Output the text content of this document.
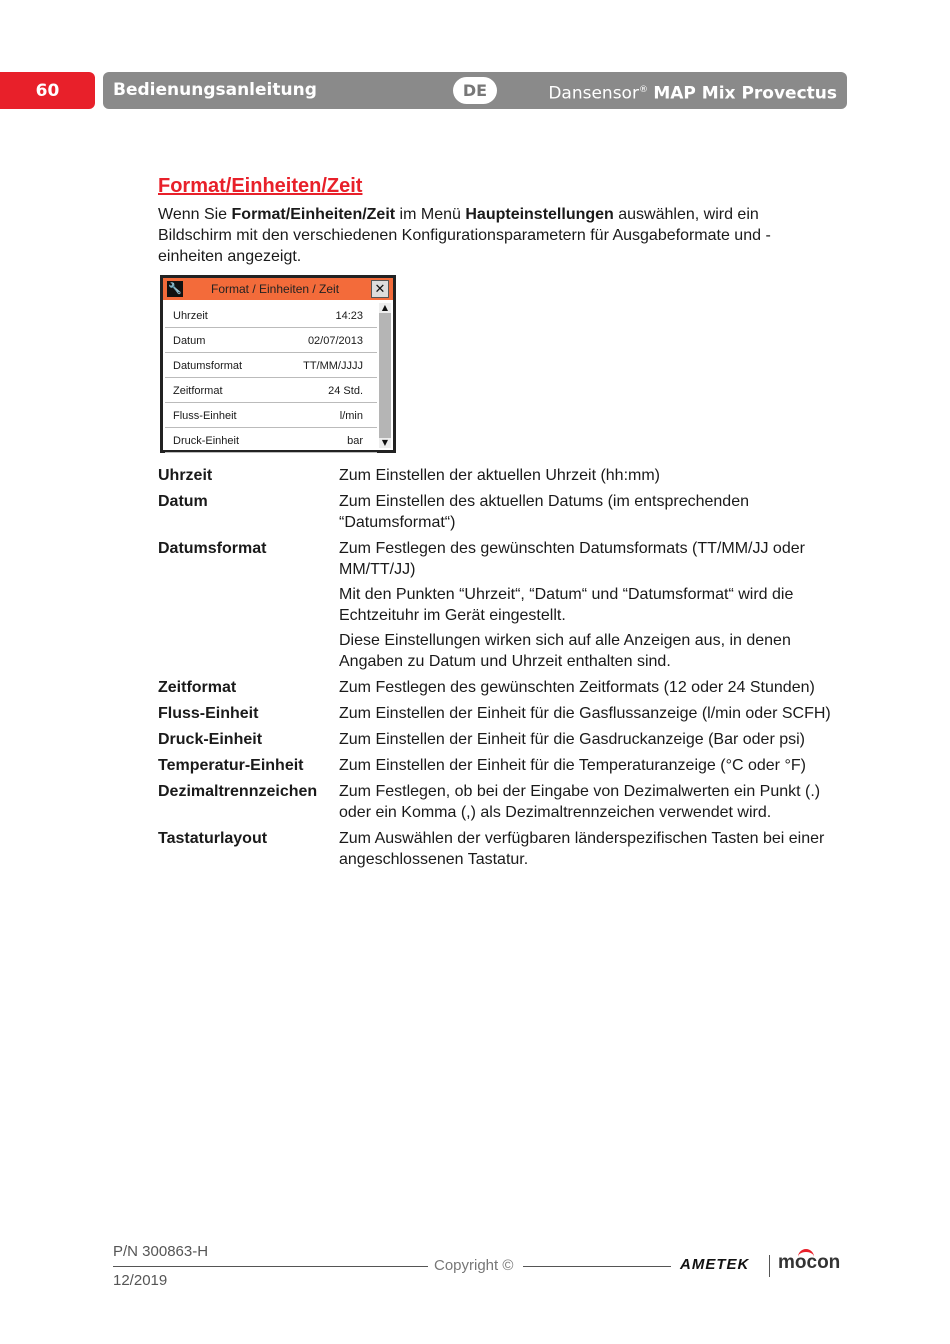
60	Bedienungsanleitung	DE	Dansensor® MAP Mix Provectus
Format/Einheiten/Zeit
Wenn Sie Format/Einheiten/Zeit im Menü Haupteinstellungen auswählen, wird ein Bildschirm mit den verschiedenen Konfigurationsparametern für Ausgabeformate und -einheiten angezeigt.
🔧 Format / Einheiten / Zeit	✕
Uhrzeit	14:23
Datum	02/07/2013
Datumsformat	TT/MM/JJJJ
Zeitformat	24 Std.
Fluss-Einheit	l/min
Druck-Einheit	bar
▲
▼
Uhrzeit	Zum Einstellen der aktuellen Uhrzeit (hh:mm)

Datum	Zum Einstellen des aktuellen Datums (im entsprechenden “Datumsformat“)

Datumsformat	Zum Festlegen des gewünschten Datumsformats (TT/MM/JJ oder MM/TT/JJ)

Mit den Punkten “Uhrzeit“, “Datum“ und “Datumsformat“ wird die Echtzeituhr im Gerät eingestellt.

Diese Einstellungen wirken sich auf alle Anzeigen aus, in denen Angaben zu Datum und Uhrzeit enthalten sind.

Zeitformat	Zum Festlegen des gewünschten Zeitformats (12 oder 24 Stunden)

Fluss-Einheit	Zum Einstellen der Einheit für die Gasflussanzeige (l/min oder SCFH)

Druck-Einheit	Zum Einstellen der Einheit für die Gasdruckanzeige (Bar oder psi)

Temperatur-Einheit	Zum Einstellen der Einheit für die Temperaturanzeige (°C oder °F)

Dezimaltrennzeichen	Zum Festlegen, ob bei der Eingabe von Dezimalwerten ein Punkt (.) oder ein Komma (,) als Dezimaltrennzeichen verwendet wird.

Tastaturlayout	Zum Auswählen der verfügbaren länderspezifischen Tasten bei einer angeschlossenen Tastatur.

P/N 300863-H
Copyright ©
12/2019
AMETEK mocon
